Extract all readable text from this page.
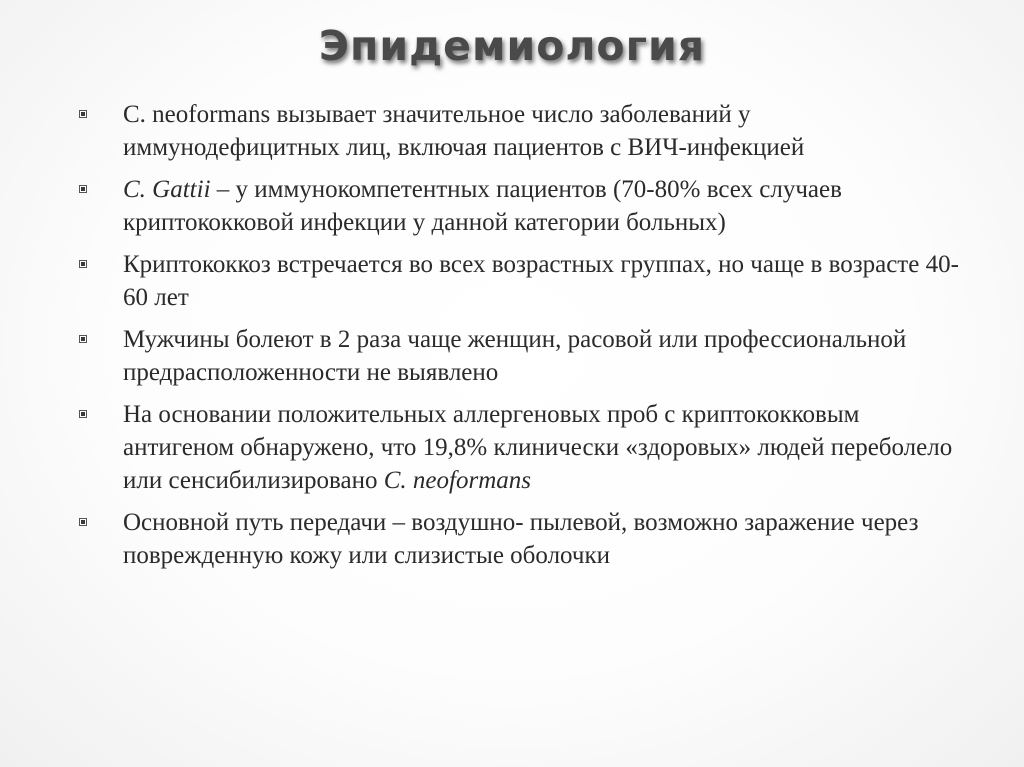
Эпидемиология
C. neoformans вызывает значительное число заболеваний у иммунодефицитных лиц, включая пациентов с ВИЧ-инфекцией
C. Gattii – у иммунокомпетентных пациентов (70-80% всех случаев криптококковой инфекции у данной категории больных)
Криптококкоз встречается во всех возрастных группах, но чаще в возрасте 40-60 лет
Мужчины болеют в 2 раза чаще женщин, расовой или профессиональной предрасположенности не выявлено
На основании положительных аллергеновых проб с криптококковым антигеном обнаружено, что 19,8% клинически «здоровых» людей переболело или сенсибилизировано C. neoformans
Основной путь передачи – воздушно- пылевой, возможно заражение через поврежденную кожу или слизистые оболочки
